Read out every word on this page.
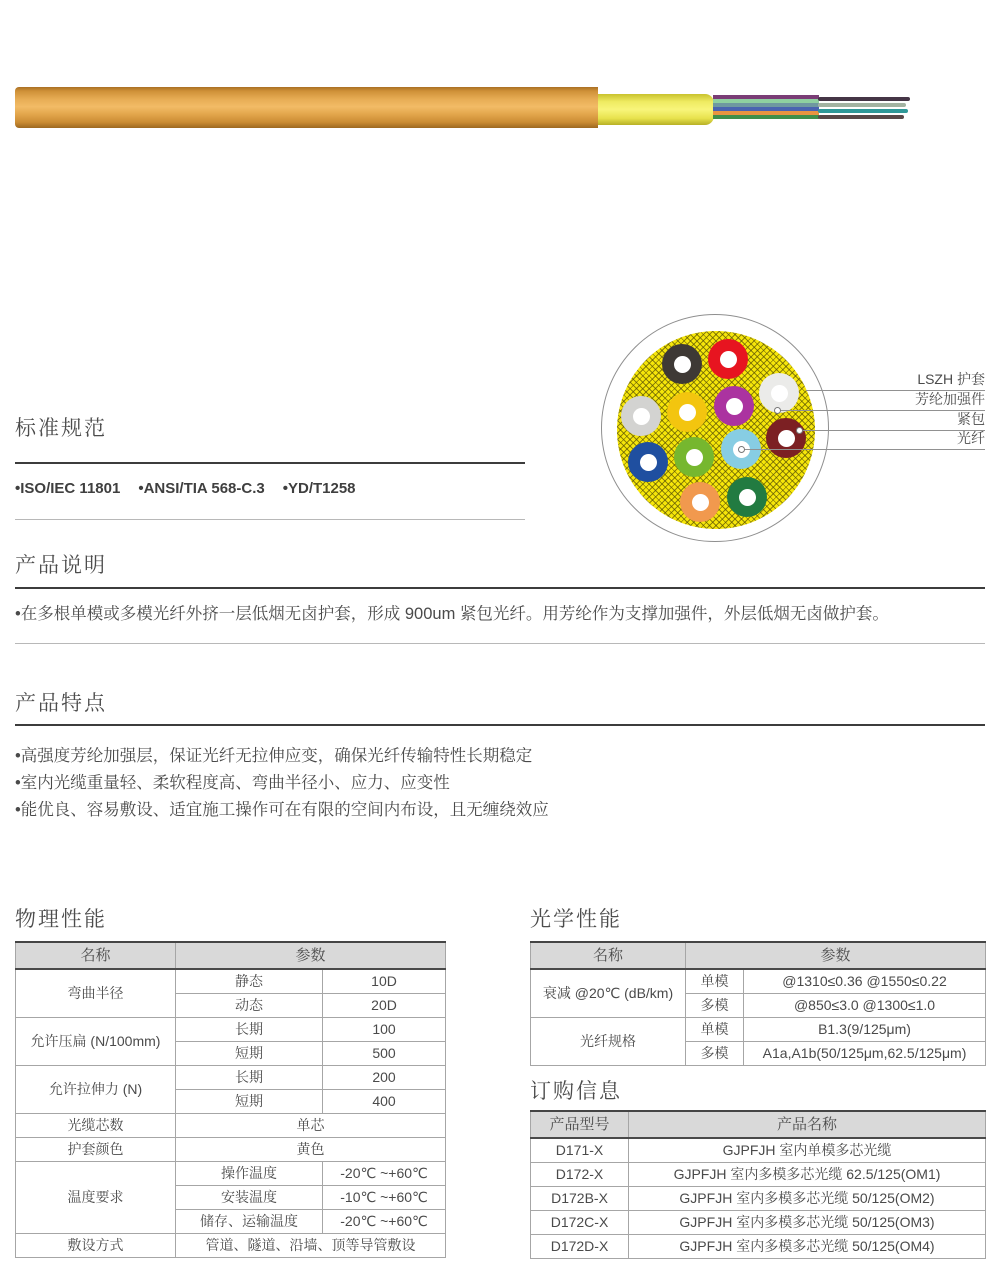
LSZH 护套
芳纶加强件
紧包
光纤
标准规范
•ISO/IEC 11801 •ANSI/TIA 568-C.3 •YD/T1258
产品说明
•在多根单模或多模光纤外挤一层低烟无卤护套，形成 900um 紧包光纤。用芳纶作为支撑加强件，外层低烟无卤做护套。
产品特点
•高强度芳纶加强层，保证光纤无拉伸应变，确保光纤传输特性长期稳定
•室内光缆重量轻、柔软程度高、弯曲半径小、应力、应变性
•能优良、容易敷设、适宜施工操作可在有限的空间内布设，且无缠绕效应
物理性能
名称	参数	
弯曲半径	静态	10D
	动态	20D
允许压扁 (N/100mm)	长期	100
	短期	500
允许拉伸力 (N)	长期	200
	短期	400
光缆芯数	单芯	
护套颜色	黄色	
温度要求	操作温度	-20℃ ~+60℃
	安装温度	-10℃ ~+60℃
	储存、运输温度	-20℃ ~+60℃
敷设方式	管道、隧道、沿墙、顶等导管敷设	
光学性能
名称	参数	
衰减 @20℃ (dB/km)	单模	@1310≤0.36 @1550≤0.22
	多模	@850≤3.0 @1300≤1.0
光纤规格	单模	B1.3(9/125μm)
	多模	A1a,A1b(50/125μm,62.5/125μm)
订购信息
产品型号	产品名称
D171-X	GJPFJH 室内单模多芯光缆
D172-X	GJPFJH 室内多模多芯光缆 62.5/125(OM1)
D172B-X	GJPFJH 室内多模多芯光缆 50/125(OM2)
D172C-X	GJPFJH 室内多模多芯光缆 50/125(OM3)
D172D-X	GJPFJH 室内多模多芯光缆 50/125(OM4)
